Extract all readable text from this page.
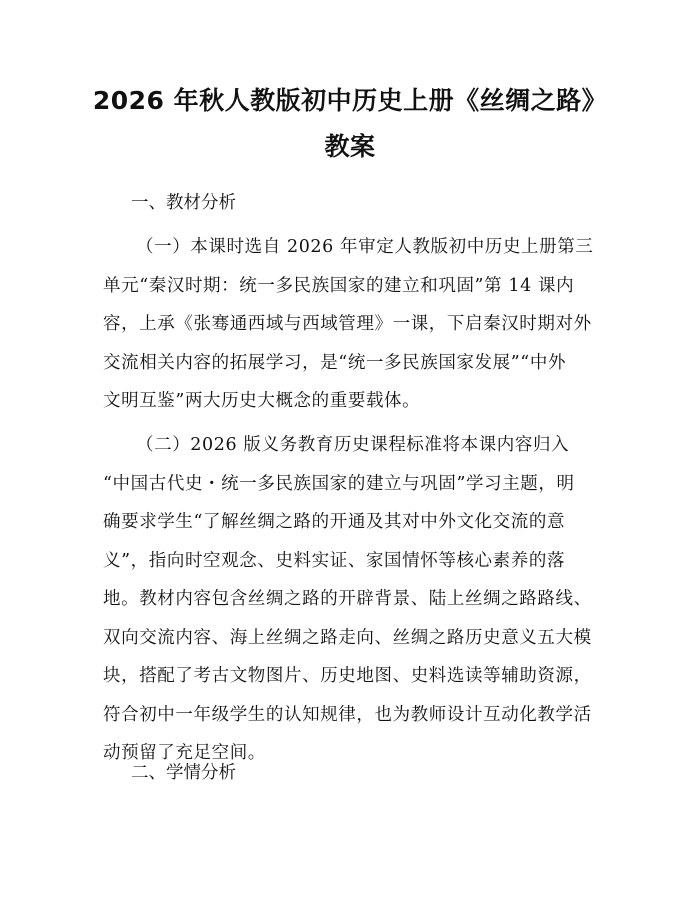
2026 年秋人教版初中历史上册《丝绸之路》
教案
一、教材分析
（一）本课时选自 2026 年审定人教版初中历史上册第三
单元“秦汉时期：统一多民族国家的建立和巩固”第 14 课内
容，上承《张骞通西域与西域管理》一课，下启秦汉时期对外
交流相关内容的拓展学习，是“统一多民族国家发展”“中外
文明互鉴”两大历史大概念的重要载体。
（二）2026 版义务教育历史课程标准将本课内容归入
“中国古代史・统一多民族国家的建立与巩固”学习主题，明
确要求学生“了解丝绸之路的开通及其对中外文化交流的意
义”，指向时空观念、史料实证、家国情怀等核心素养的落
地。教材内容包含丝绸之路的开辟背景、陆上丝绸之路路线、
双向交流内容、海上丝绸之路走向、丝绸之路历史意义五大模
块，搭配了考古文物图片、历史地图、史料选读等辅助资源，
符合初中一年级学生的认知规律，也为教师设计互动化教学活
动预留了充足空间。
二、学情分析
